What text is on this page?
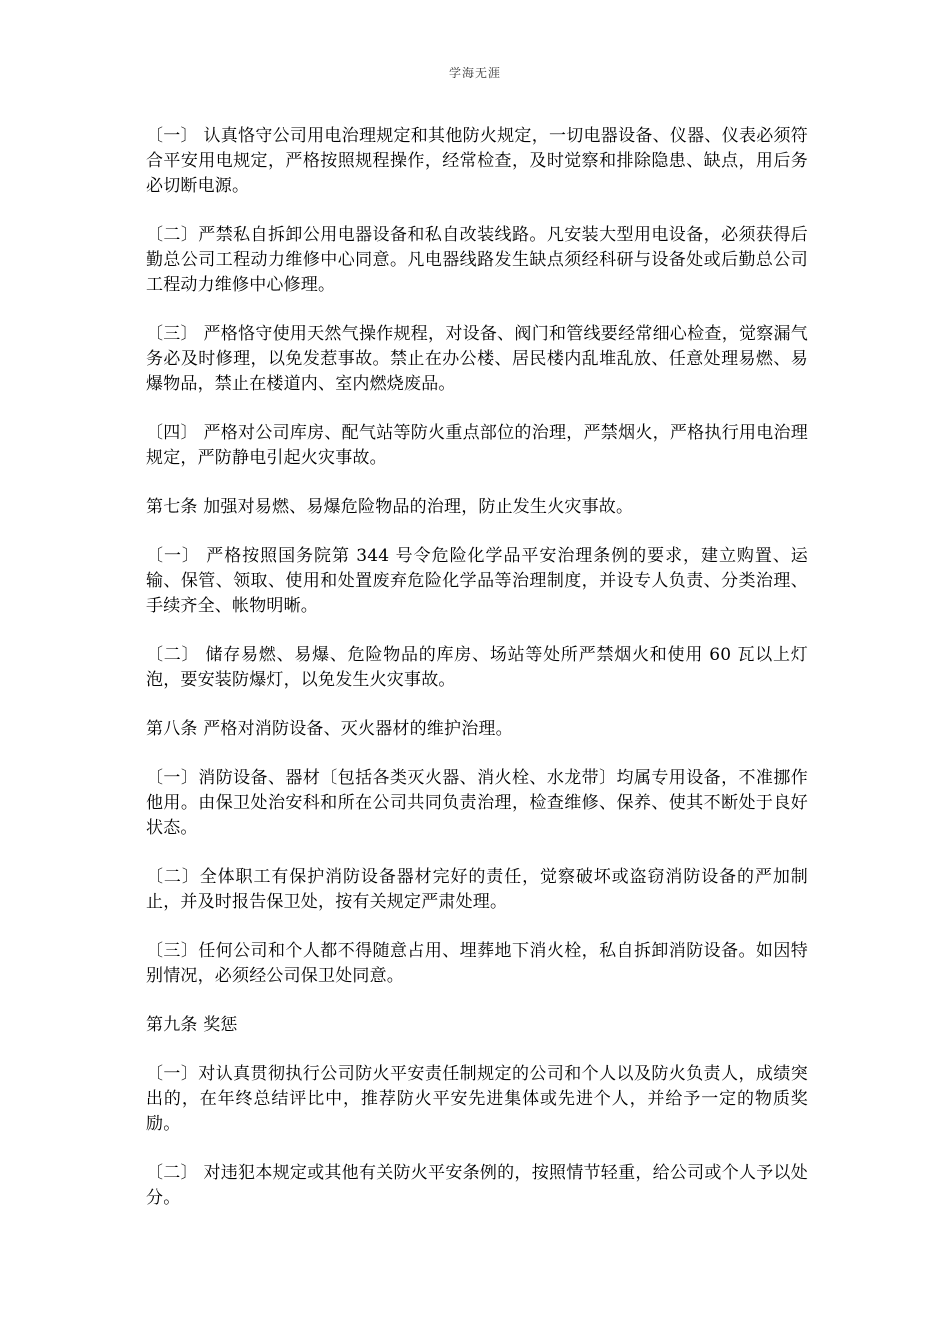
学海无涯

〔一〕 认真恪守公司用电治理规定和其他防火规定，一切电器设备、仪器、仪表必须符合平安用电规定，严格按照规程操作，经常检查，及时觉察和排除隐患、缺点，用后务必切断电源。

〔二〕严禁私自拆卸公用电器设备和私自改装线路。凡安装大型用电设备，必须获得后勤总公司工程动力维修中心同意。凡电器线路发生缺点须经科研与设备处或后勤总公司工程动力维修中心修理。

〔三〕 严格恪守使用天然气操作规程，对设备、阀门和管线要经常细心检查，觉察漏气务必及时修理，以免发惹事故。禁止在办公楼、居民楼内乱堆乱放、任意处理易燃、易爆物品，禁止在楼道内、室内燃烧废品。

〔四〕 严格对公司库房、配气站等防火重点部位的治理，严禁烟火，严格执行用电治理规定，严防静电引起火灾事故。

第七条 加强对易燃、易爆危险物品的治理，防止发生火灾事故。

〔一〕 严格按照国务院第 344 号令危险化学品平安治理条例的要求，建立购置、运输、保管、领取、使用和处置废弃危险化学品等治理制度，并设专人负责、分类治理、手续齐全、帐物明晰。

〔二〕 储存易燃、易爆、危险物品的库房、场站等处所严禁烟火和使用 60 瓦以上灯泡，要安装防爆灯，以免发生火灾事故。

第八条 严格对消防设备、灭火器材的维护治理。

〔一〕消防设备、器材〔包括各类灭火器、消火栓、水龙带〕均属专用设备，不准挪作他用。由保卫处治安科和所在公司共同负责治理，检查维修、保养、使其不断处于良好状态。

〔二〕全体职工有保护消防设备器材完好的责任，觉察破坏或盗窃消防设备的严加制止，并及时报告保卫处，按有关规定严肃处理。

〔三〕任何公司和个人都不得随意占用、埋葬地下消火栓，私自拆卸消防设备。如因特别情况，必须经公司保卫处同意。

第九条 奖惩

〔一〕对认真贯彻执行公司防火平安责任制规定的公司和个人以及防火负责人，成绩突出的，在年终总结评比中，推荐防火平安先进集体或先进个人，并给予一定的物质奖励。

〔二〕 对违犯本规定或其他有关防火平安条例的，按照情节轻重，给公司或个人予以处分。
